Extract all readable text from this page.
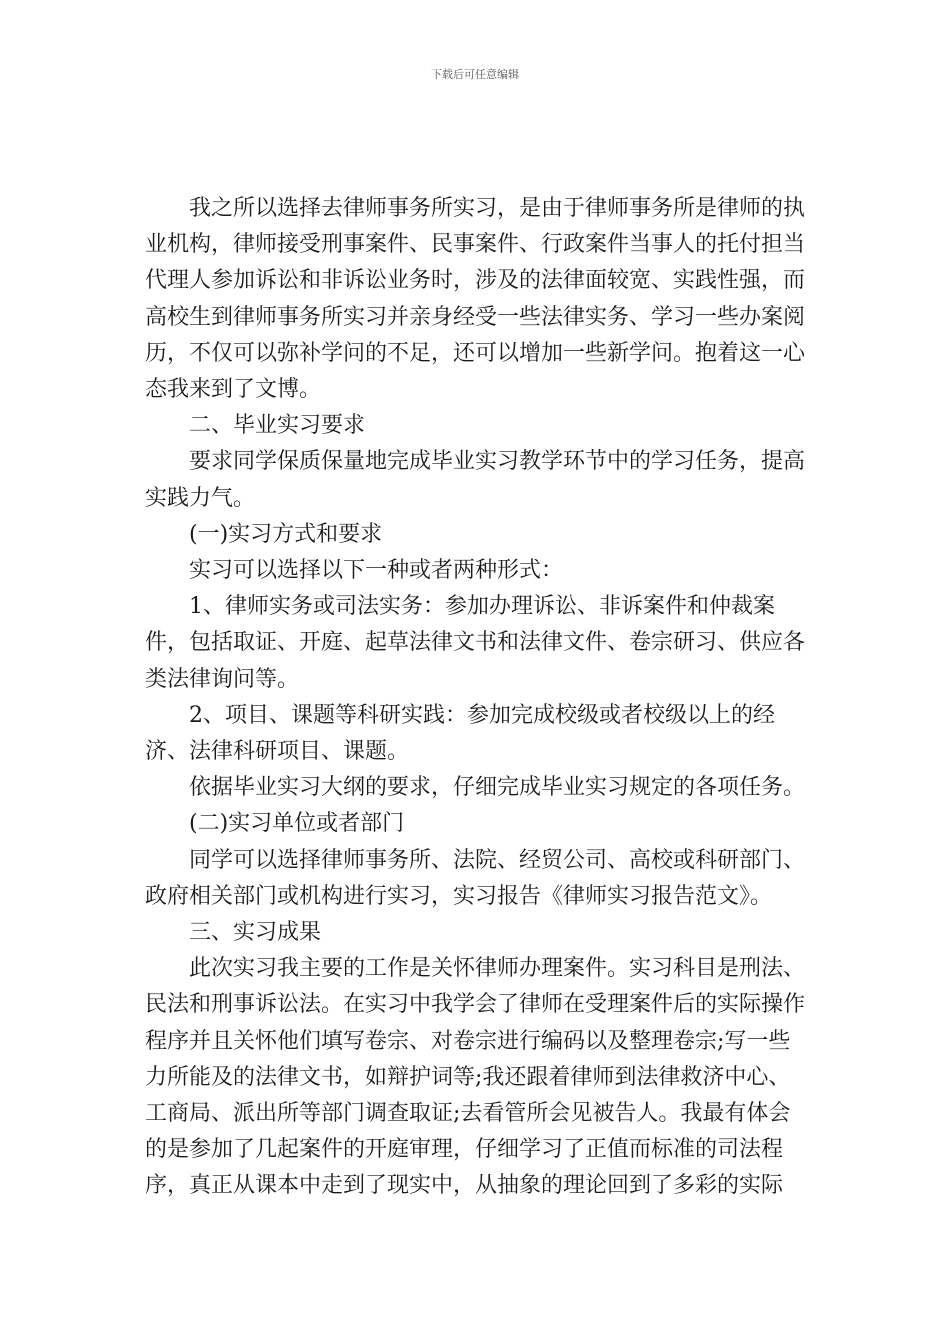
下载后可任意编辑

我之所以选择去律师事务所实习，是由于律师事务所是律师的执业机构，律师接受刑事案件、民事案件、行政案件当事人的托付担当代理人参加诉讼和非诉讼业务时，涉及的法律面较宽、实践性强，而高校生到律师事务所实习并亲身经受一些法律实务、学习一些办案阅历，不仅可以弥补学问的不足，还可以增加一些新学问。抱着这一心态我来到了文博。

二、毕业实习要求

要求同学保质保量地完成毕业实习教学环节中的学习任务，提高实践力气。

(一)实习方式和要求

实习可以选择以下一种或者两种形式：

1、律师实务或司法实务：参加办理诉讼、非诉案件和仲裁案件，包括取证、开庭、起草法律文书和法律文件、卷宗研习、供应各类法律询问等。

2、项目、课题等科研实践：参加完成校级或者校级以上的经济、法律科研项目、课题。

依据毕业实习大纲的要求，仔细完成毕业实习规定的各项任务。

(二)实习单位或者部门

同学可以选择律师事务所、法院、经贸公司、高校或科研部门、政府相关部门或机构进行实习，实习报告《律师实习报告范文》。

三、实习成果

此次实习我主要的工作是关怀律师办理案件。实习科目是刑法、民法和刑事诉讼法。在实习中我学会了律师在受理案件后的实际操作程序并且关怀他们填写卷宗、对卷宗进行编码以及整理卷宗;写一些力所能及的法律文书，如辩护词等;我还跟着律师到法律救济中心、工商局、派出所等部门调查取证;去看管所会见被告人。我最有体会的是参加了几起案件的开庭审理，仔细学习了正值而标准的司法程序，真正从课本中走到了现实中，从抽象的理论回到了多彩的实际
